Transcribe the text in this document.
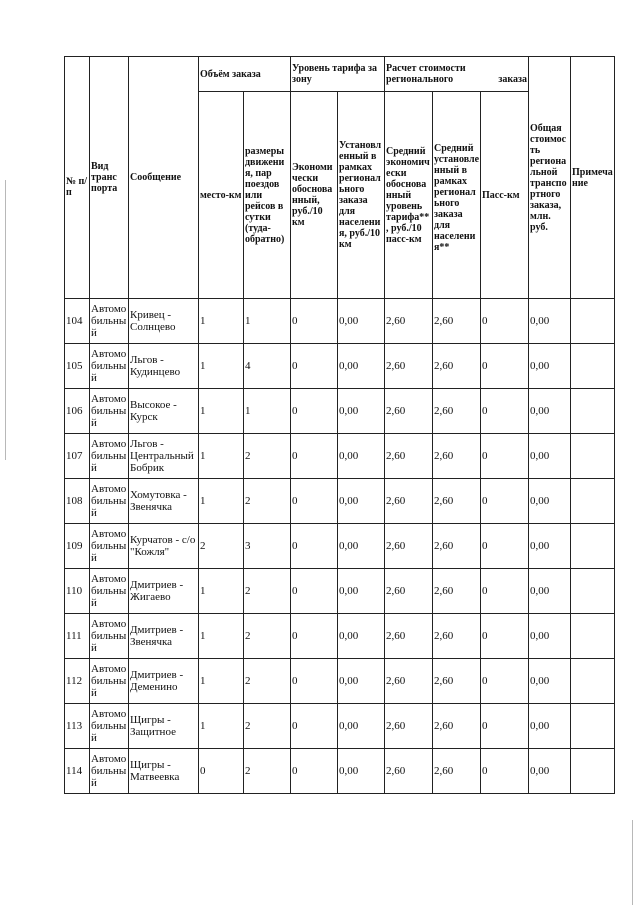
№ п/п	Вид транс порта	Сообщение	Объём заказа		Уровень тарифа за зону		Расчет стоимости регионального заказа			Общая стоимость региональной транспортного заказа, млн. руб.	Примечание
			место-км	размеры движения, пар поездов или рейсов в сутки (туда-обратно)	Экономически обоснованный, руб./10 км	Установленный в рамках регионального заказа для населения, руб./10 км	Средний экономически обоснованный уровень тарифа**, руб./10 пасс-км	Средний установленный в рамках регионального заказа для населения**	Пасс-км		
104	Автомобильный	Кривец - Солнцево	1	1	0	0,00	2,60	2,60	0	0,00	
105	Автомобильный	Льгов - Кудинцево	1	4	0	0,00	2,60	2,60	0	0,00	
106	Автомобильный	Высокое - Курск	1	1	0	0,00	2,60	2,60	0	0,00	
107	Автомобильный	Льгов - Центральный Бобрик	1	2	0	0,00	2,60	2,60	0	0,00	
108	Автомобильный	Хомутовка - Звенячка	1	2	0	0,00	2,60	2,60	0	0,00	
109	Автомобильный	Курчатов - с/о "Кожля"	2	3	0	0,00	2,60	2,60	0	0,00	
110	Автомобильный	Дмитриев - Жигаево	1	2	0	0,00	2,60	2,60	0	0,00	
111	Автомобильный	Дмитриев - Звенячка	1	2	0	0,00	2,60	2,60	0	0,00	
112	Автомобильный	Дмитриев - Деменино	1	2	0	0,00	2,60	2,60	0	0,00	
113	Автомобильный	Щигры - Защитное	1	2	0	0,00	2,60	2,60	0	0,00	
114	Автомобильный	Щигры - Матвеевка	0	2	0	0,00	2,60	2,60	0	0,00	
